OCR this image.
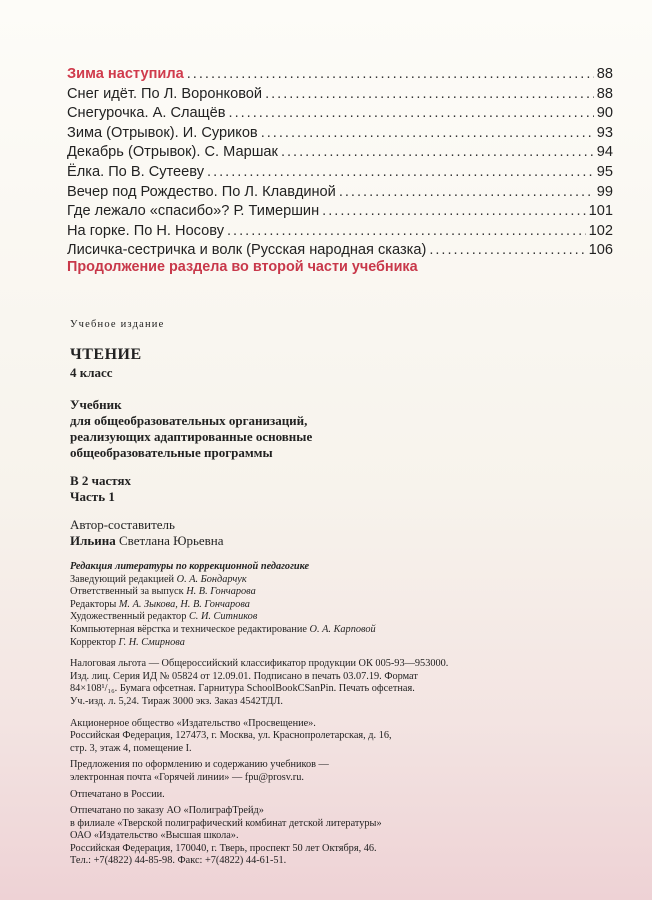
Зима наступила .....	88
Снег идёт. По Л. Воронковой .....	88
Снегурочка. А. Слащёв .....	90
Зима (Отрывок). И. Суриков .....	93
Декабрь (Отрывок). С. Маршак .....	94
Ёлка. По В. Сутееву .....	95
Вечер под Рождество. По Л. Клавдиной .....	99
Где лежало «спасибо»? Р. Тимершин .....	101
На горке. По Н. Носову .....	102
Лисичка-сестричка и волк (Русская народная сказка) .....	106
Продолжение раздела во второй части учебника
Учебное издание
ЧТЕНИЕ
4 класс
Учебник
для общеобразовательных организаций,
реализующих адаптированные основные
общеобразовательные программы
В 2 частях
Часть 1
Автор-составитель
Ильина Светлана Юрьевна
Редакция литературы по коррекционной педагогике
Заведующий редакцией О. А. Бондарчук
Ответственный за выпуск Н. В. Гончарова
Редакторы М. А. Зыкова, Н. В. Гончарова
Художественный редактор С. И. Ситников
Компьютерная вёрстка и техническое редактирование О. А. Карповой
Корректор Г. Н. Смирнова
Налоговая льгота — Общероссийский классификатор продукции ОК 005-93—953000.
Изд. лиц. Серия ИД № 05824 от 12.09.01. Подписано в печать 03.07.19. Формат
84×108¹/₁₆. Бумага офсетная. Гарнитура SchoolBookCSanPin. Печать офсетная.
Уч.-изд. л. 5,24. Тираж 3000 экз. Заказ 4542ТДЛ.
Акционерное общество «Издательство «Просвещение».
Российская Федерация, 127473, г. Москва, ул. Краснопролетарская, д. 16,
стр. 3, этаж 4, помещение I.
Предложения по оформлению и содержанию учебников —
электронная почта «Горячей линии» — fpu@prosv.ru.
Отпечатано в России.
Отпечатано по заказу АО «ПолиграфТрейд»
в филиале «Тверской полиграфический комбинат детской литературы»
ОАО «Издательство «Высшая школа».
Российская Федерация, 170040, г. Тверь, проспект 50 лет Октября, 46.
Тел.: +7(4822) 44-85-98. Факс: +7(4822) 44-61-51.
